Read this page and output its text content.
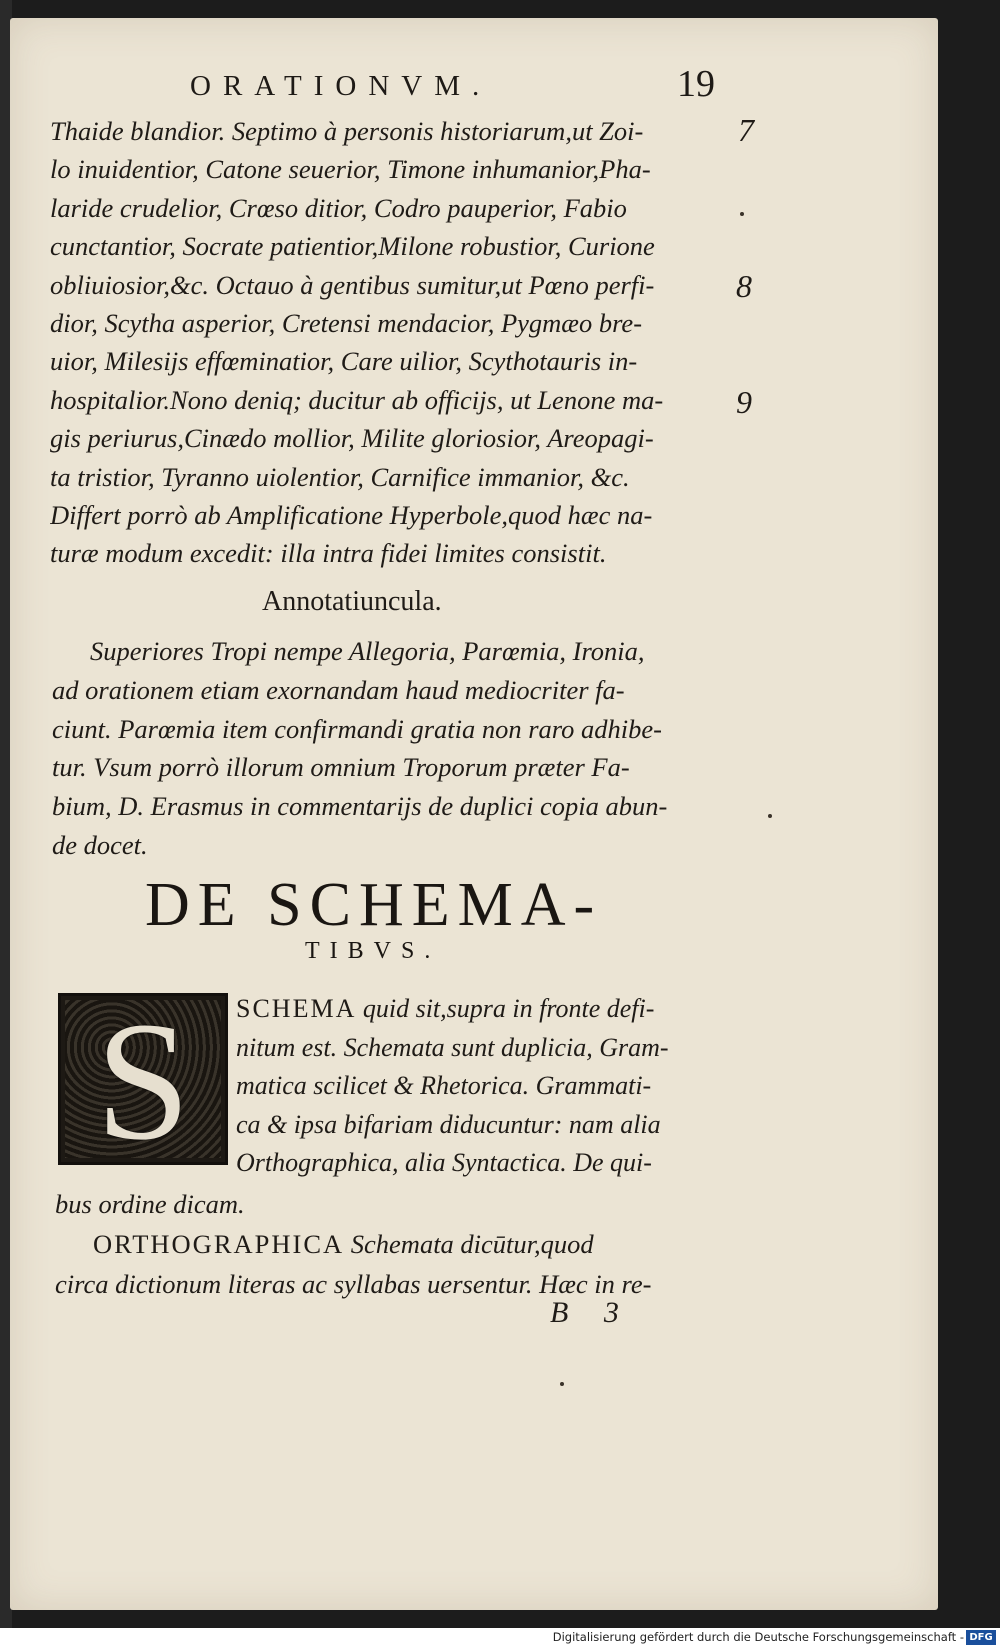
ORATIONVM.	19
Thaide blandior. Septimo à personis historiarum,ut Zoi-
lo inuidentior, Catone seuerior, Timone inhumanior,Pha-
laride crudelior, Crœso ditior, Codro pauperior, Fabio
cunctantior, Socrate patientior,Milone robustior, Curione
obliuiosior,&c. Octauo à gentibus sumitur,ut Pœno perfi-
dior, Scytha asperior, Cretensi mendacior, Pygmæo bre-
uior, Milesijs effœminatior, Care uilior, Scythotauris in-
hospitalior.Nono deniq; ducitur ab officijs, ut Lenone ma-
gis periurus,Cinædo mollior, Milite gloriosior, Areopagi-
ta tristior, Tyranno uiolentior, Carnifice immanior, &c.
Differt porrò ab Amplificatione Hyperbole,quod hæc na-
turæ modum excedit: illa intra fidei limites consistit.
7
8
9
Annotatiuncula.
Superiores Tropi nempe Allegoria, Parœmia, Ironia,
ad orationem etiam exornandam haud mediocriter fa-
ciunt. Parœmia item confirmandi gratia non raro adhibe-
tur. Vsum porrò illorum omnium Troporum præter Fa-
bium, D. Erasmus in commentarijs de duplici copia abun-
de docet.
DE SCHEMA-
TIBVS.
S	SCHEMA quid sit,supra in fronte defi-
nitum est. Schemata sunt duplicia, Gram-
matica scilicet & Rhetorica. Grammati-
ca & ipsa bifariam diducuntur: nam alia
Orthographica, alia Syntactica. De qui-
bus ordine dicam.
ORTHOGRAPHICA Schemata dicūtur,quod
circa dictionum literas ac syllabas uersentur. Hæc in re-
B 3
Digitalisierung gefördert durch die Deutsche Forschungsgemeinschaft - DFG
